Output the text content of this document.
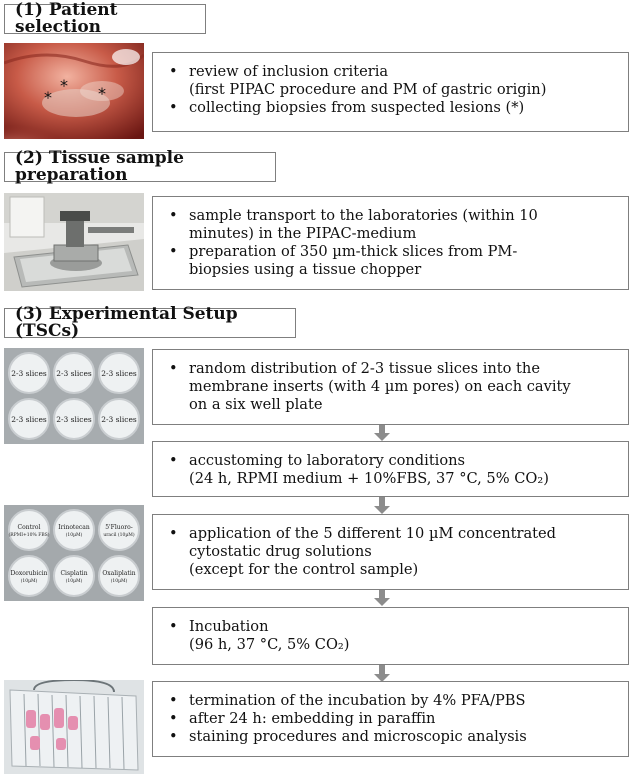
(1) Patient selection
(2) Tissue sample preparation
(3) Experimental Setup (TSCs)
*
*	*
• review of inclusion criteria
(first PIPAC procedure and PM of gastric origin)
• collecting biopsies from suspected lesions (*)
• sample transport to the laboratories (within 10
minutes) in the PIPAC-medium
• preparation of 350 µm-thick slices from PM-
biopsies using a tissue chopper
2-3 slices 2-3 slices 2-3 slices
2-3 slices 2-3 slices 2-3 slices
• random distribution of 2-3 tissue slices into the
membrane inserts (with 4 µm pores) on each cavity
on a six well plate
• accustoming to laboratory conditions
(24 h, RPMI medium + 10%FBS, 37 °C, 5% CO₂)
Control
(RPMI+10% FBS)
Irinotecan
(10µM)
5'Fluoro-
uracil (10µM)
Doxorubicin
(10µM)
Cisplatin
(10µM)
Oxaliplatin
(10µM)
• application of the 5 different 10 µM concentrated
cytostatic drug solutions
(except for the control sample)
• Incubation
(96 h, 37 °C, 5% CO₂)
• termination of the incubation by 4% PFA/PBS
• after 24 h: embedding in paraffin
• staining procedures and microscopic analysis
